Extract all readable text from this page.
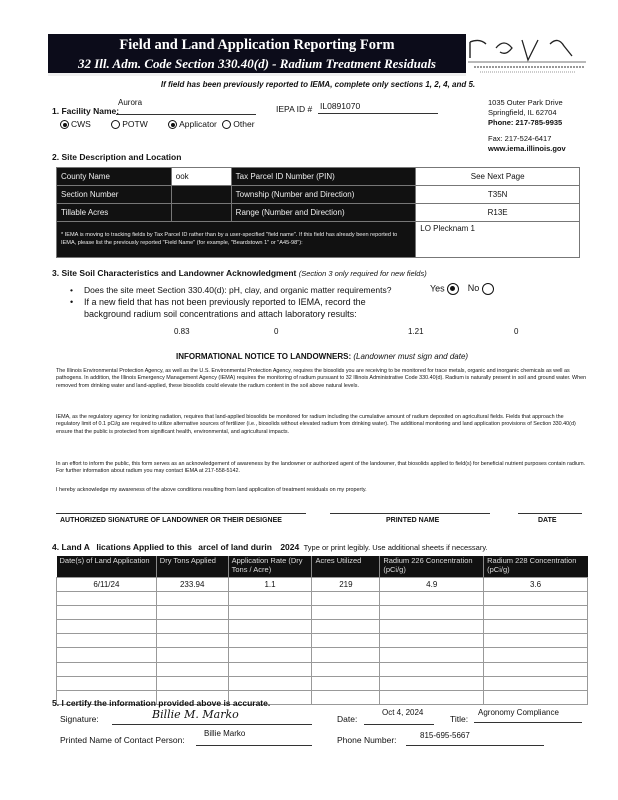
Field and Land Application Reporting Form
32 Ill. Adm. Code Section 330.40(d) - Radium Treatment Residuals
If field has been previously reported to IEMA, complete only sections 1, 2, 4, and 5.
1035 Outer Park Drive
Springfield, IL 62704
Phone: 217-785-9935
Fax: 217-524-6417
www.iema.illinois.gov
1. Facility Name:
Aurora
IEPA ID # IL0891070
CWS	POTW	Applicator Other
2. Site Description and Location
County Name	ook	Tax Parcel ID Number (PIN)	See Next Page
Section Number		Township (Number and Direction)	T35N
Tillable Acres		Range (Number and Direction)	R13E
* IEMA is moving to tracking fields by Tax Parcel ID rather than by a user-specified "field name". If this field has already been reported to IEMA, please list the previously reported "Field Name" (for example, "Beardstown 1" or "A45-98"):			LO Plecknam 1
3. Site Soil Characteristics and Landowner Acknowledgment (Section 3 only required for new fields)
• Does the site meet Section 330.40(d): pH, clay, and organic matter requirements?	Yes	No
• If a new field that has not been previously reported to IEMA, record the
background radium soil concentrations and attach laboratory results:
0.83	0	1.21	0
INFORMATIONAL NOTICE TO LANDOWNERS: (Landowner must sign and date)
The Illinois Environmental Protection Agency, as well as the U.S. Environmental Protection Agency, requires the biosolids you are receiving to be monitored for trace metals, organic and inorganic chemicals as well as pathogens. In addition, the Illinois Emergency Management Agency (IEMA) requires the monitoring of radium pursuant to 32 Illinois Administrative Code 330.40(d). Radium is naturally present in soil and ground water. When removed from drinking water and land-applied, these biosolids could elevate the radium content in the soil above natural levels.
IEMA, as the regulatory agency for ionizing radiation, requires that land-applied biosolids be monitored for radium including the cumulative amount of radium deposited on agricultural fields. Fields that approach the regulatory limit of 0.1 pCi/g are required to utilize alternative sources of fertilizer (i.e., biosolids without elevated radium from drinking water). The additional monitoring and land application provisions of Section 330.40(d) ensure that the public is protected from significant health, environmental, and agricultural impacts.
In an effort to inform the public, this form serves as an acknowledgement of awareness by the landowner or authorized agent of the landowner, that biosolids applied to field(s) for beneficial nutrient purposes contain radium. For further information about radium you may contact IEMA at 217-558-5142.
I hereby acknowledge my awareness of the above conditions resulting from land application of treatment residuals on my property.
AUTHORIZED SIGNATURE OF LANDOWNER OR THEIR DESIGNEE	PRINTED NAME	DATE
4. Land A lications Applied to this arcel of land durin 2024 Type or print legibly. Use additional sheets if necessary.
Date(s) of Land Application	Dry Tons Applied	Application Rate (Dry Tons / Acre)	Acres Utilized	Radium 226 Concentration (pCi/g)	Radium 228 Concentration (pCi/g)
6/11/24	233.94	1.1	219	4.9	3.6

5. I certify the information provided above is accurate.
Signature:	Billie M. Marko	Date:
Oct 4, 2024
Title:
Agronomy Compliance
Printed Name of Contact Person:
Billie Marko
Phone Number:	815-695-5667
